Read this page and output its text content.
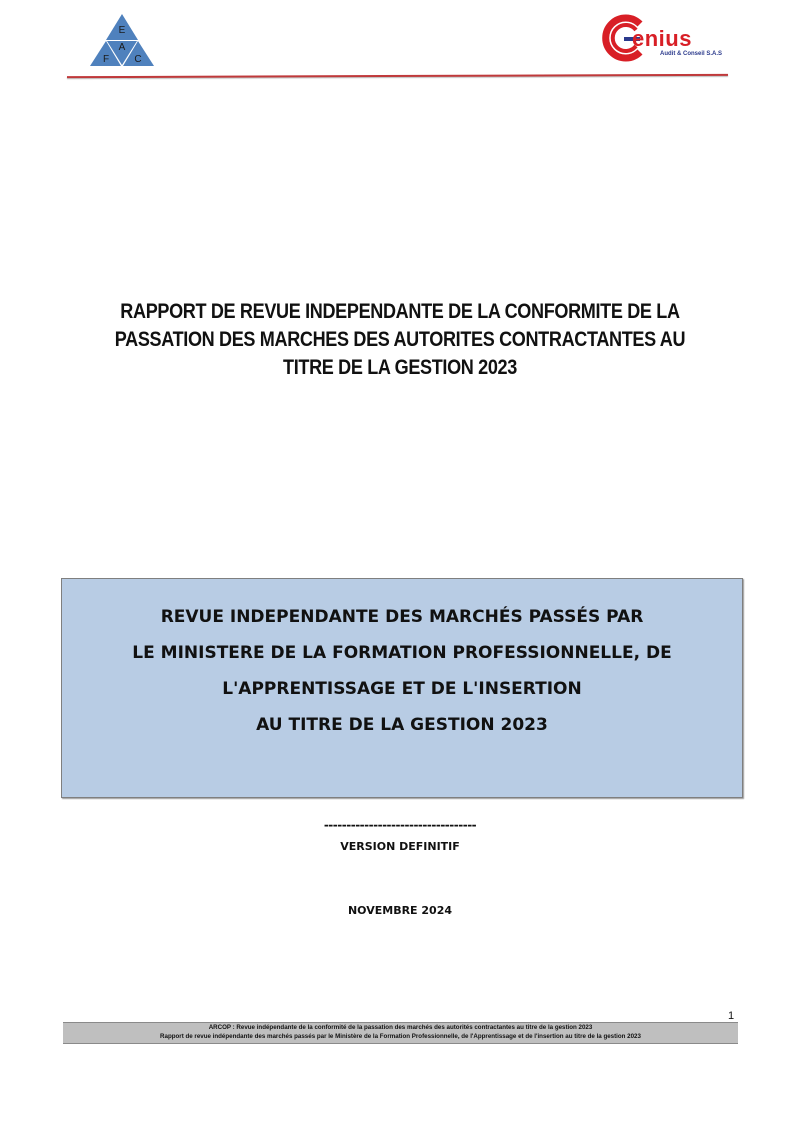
E
A
F	C
enius
Audit & Conseil S.A.S
RAPPORT DE REVUE INDEPENDANTE DE LA CONFORMITE DE LA
PASSATION DES MARCHES DES AUTORITES CONTRACTANTES AU
TITRE DE LA GESTION 2023
REVUE INDEPENDANTE DES MARCHÉS PASSÉS PAR
LE MINISTERE DE LA FORMATION PROFESSIONNELLE, DE
L'APPRENTISSAGE ET DE L'INSERTION
AU TITRE DE LA GESTION 2023
----------------------------------
VERSION DEFINITIF
NOVEMBRE 2024
1
ARCOP : Revue indépendante de la conformité de la passation des marchés des autorités contractantes au titre de la gestion 2023
Rapport de revue indépendante des marchés passés par le Ministère de la Formation Professionnelle, de l'Apprentissage et de l'insertion au titre de la gestion 2023
